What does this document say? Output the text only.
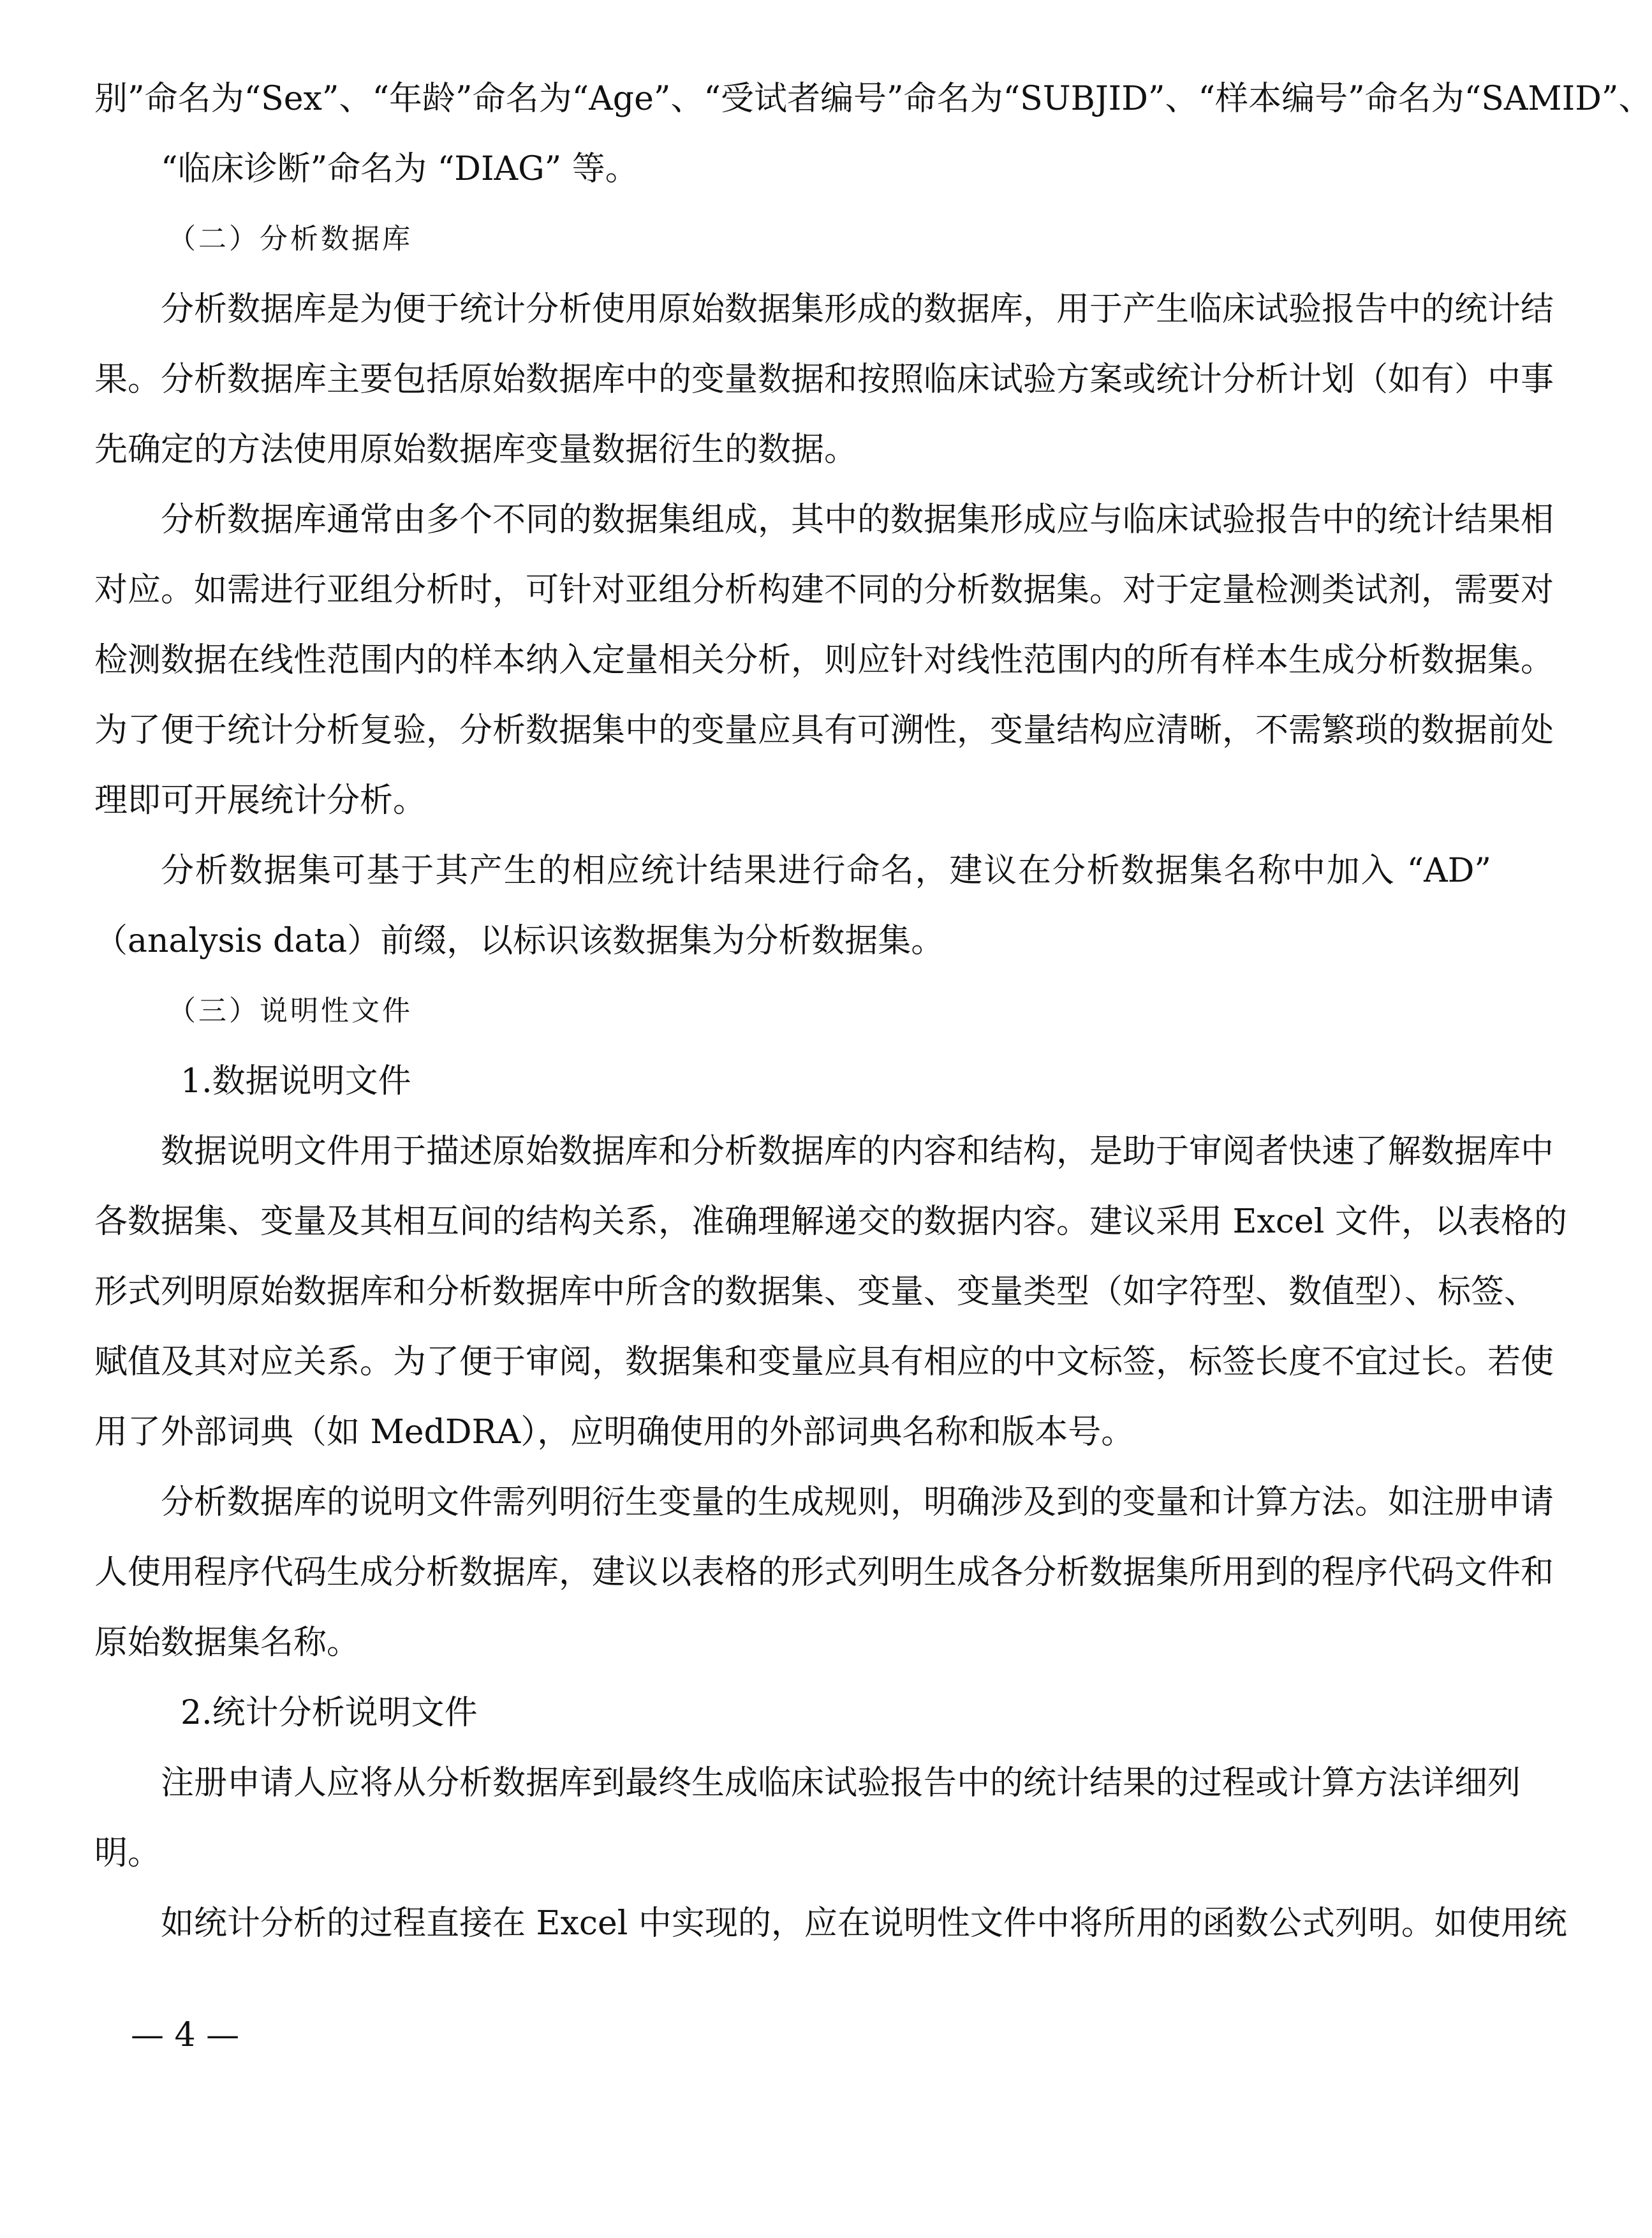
别”命名为“Sex”、“年龄”命名为“Age”、“受试者编号”命名为“SUBJID”、“样本编号”命名为“SAMID”、
“临床诊断”命名为 “DIAG” 等。
（二）分析数据库
分析数据库是为便于统计分析使用原始数据集形成的数据库，用于产生临床试验报告中的统计结
果。分析数据库主要包括原始数据库中的变量数据和按照临床试验方案或统计分析计划（如有）中事
先确定的方法使用原始数据库变量数据衍生的数据。
分析数据库通常由多个不同的数据集组成，其中的数据集形成应与临床试验报告中的统计结果相
对应。如需进行亚组分析时，可针对亚组分析构建不同的分析数据集。对于定量检测类试剂，需要对
检测数据在线性范围内的样本纳入定量相关分析，则应针对线性范围内的所有样本生成分析数据集。
为了便于统计分析复验，分析数据集中的变量应具有可溯性，变量结构应清晰，不需繁琐的数据前处
理即可开展统计分析。
分析数据集可基于其产生的相应统计结果进行命名，建议在分析数据集名称中加入 “AD”
（analysis data）前缀，以标识该数据集为分析数据集。
（三）说明性文件
1.数据说明文件
数据说明文件用于描述原始数据库和分析数据库的内容和结构，是助于审阅者快速了解数据库中
各数据集、变量及其相互间的结构关系，准确理解递交的数据内容。建议采用 Excel 文件，以表格的
形式列明原始数据库和分析数据库中所含的数据集、变量、变量类型（如字符型、数值型）、标签、
赋值及其对应关系。为了便于审阅，数据集和变量应具有相应的中文标签，标签长度不宜过长。若使
用了外部词典（如 MedDRA），应明确使用的外部词典名称和版本号。
分析数据库的说明文件需列明衍生变量的生成规则，明确涉及到的变量和计算方法。如注册申请
人使用程序代码生成分析数据库，建议以表格的形式列明生成各分析数据集所用到的程序代码文件和
原始数据集名称。
2.统计分析说明文件
注册申请人应将从分析数据库到最终生成临床试验报告中的统计结果的过程或计算方法详细列
明。
如统计分析的过程直接在 Excel 中实现的，应在说明性文件中将所用的函数公式列明。如使用统
— 4 —
